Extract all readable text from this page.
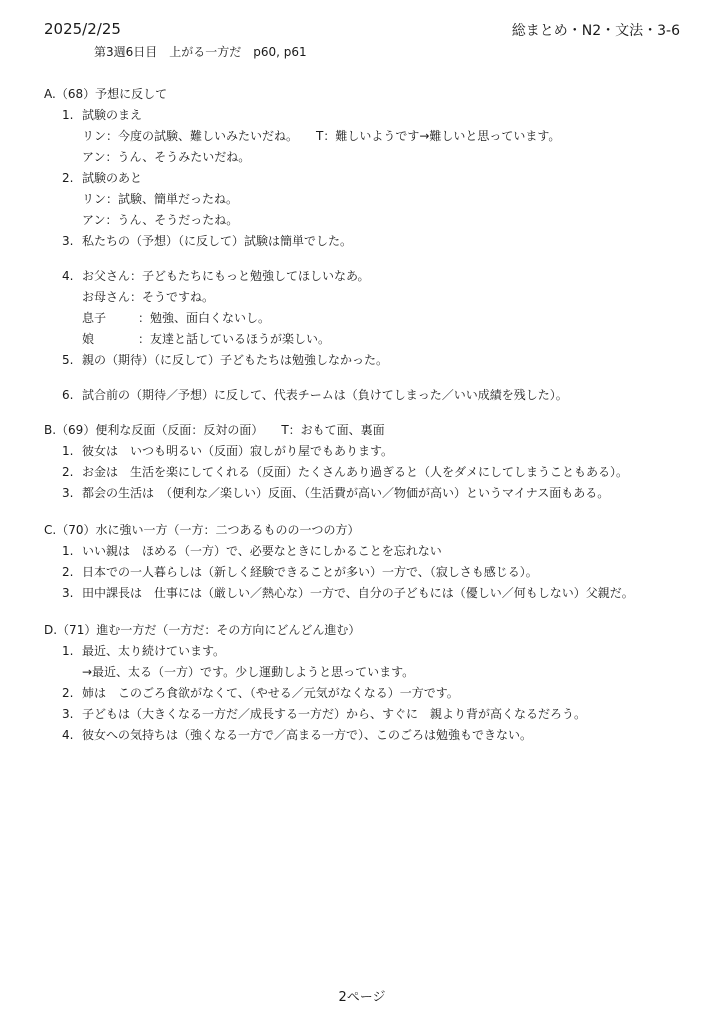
2025/2/25	総まとめ・N2・文法・3-6
第3週6日目　上がる一方だ　p60, p61
A.（68）予想に反して
1. 試験のまえ
リン：今度の試験、難しいみたいだね。　　T：難しいようです→難しいと思っています。
アン：うん、そうみたいだね。
2. 試験のあと
リン：試験、簡単だったね。
アン：うん、そうだったね。
3. 私たちの（予想）（に反して）試験は簡単でした。
4. お父さん：子どもたちにもっと勉強してほしいなあ。
お母さん：そうですね。
息子	：勉強、面白くないし。
娘	：友達と話しているほうが楽しい。
5. 親の（期待）（に反して）子どもたちは勉強しなかった。
6. 試合前の（期待／予想）に反して、代表チームは（負けてしまった／いい成績を残した）。
B.（69）便利な反面（反面：反対の面）　　T：おもて面、裏面
1. 彼女は　いつも明るい（反面）寂しがり屋でもあります。
2. お金は　生活を楽にしてくれる（反面）たくさんあり過ぎると（人をダメにしてしまうこともある）。
3. 都会の生活は　（便利な／楽しい）反面、（生活費が高い／物価が高い）というマイナス面もある。
C.（70）水に強い一方（一方：二つあるものの一つの方）
1. いい親は　ほめる（一方）で、必要なときにしかることを忘れない
2. 日本での一人暮らしは（新しく経験できることが多い）一方で、（寂しさも感じる）。
3. 田中課長は　仕事には（厳しい／熱心な）一方で、自分の子どもには（優しい／何もしない）父親だ。
D.（71）進む一方だ（一方だ：その方向にどんどん進む）
1. 最近、太り続けています。
→最近、太る（一方）です。少し運動しようと思っています。
2. 姉は　このごろ食欲がなくて、（やせる／元気がなくなる）一方です。
3. 子どもは（大きくなる一方だ／成長する一方だ）から、すぐに　親より背が高くなるだろう。
4. 彼女への気持ちは（強くなる一方で／高まる一方で）、このごろは勉強もできない。
2ページ
